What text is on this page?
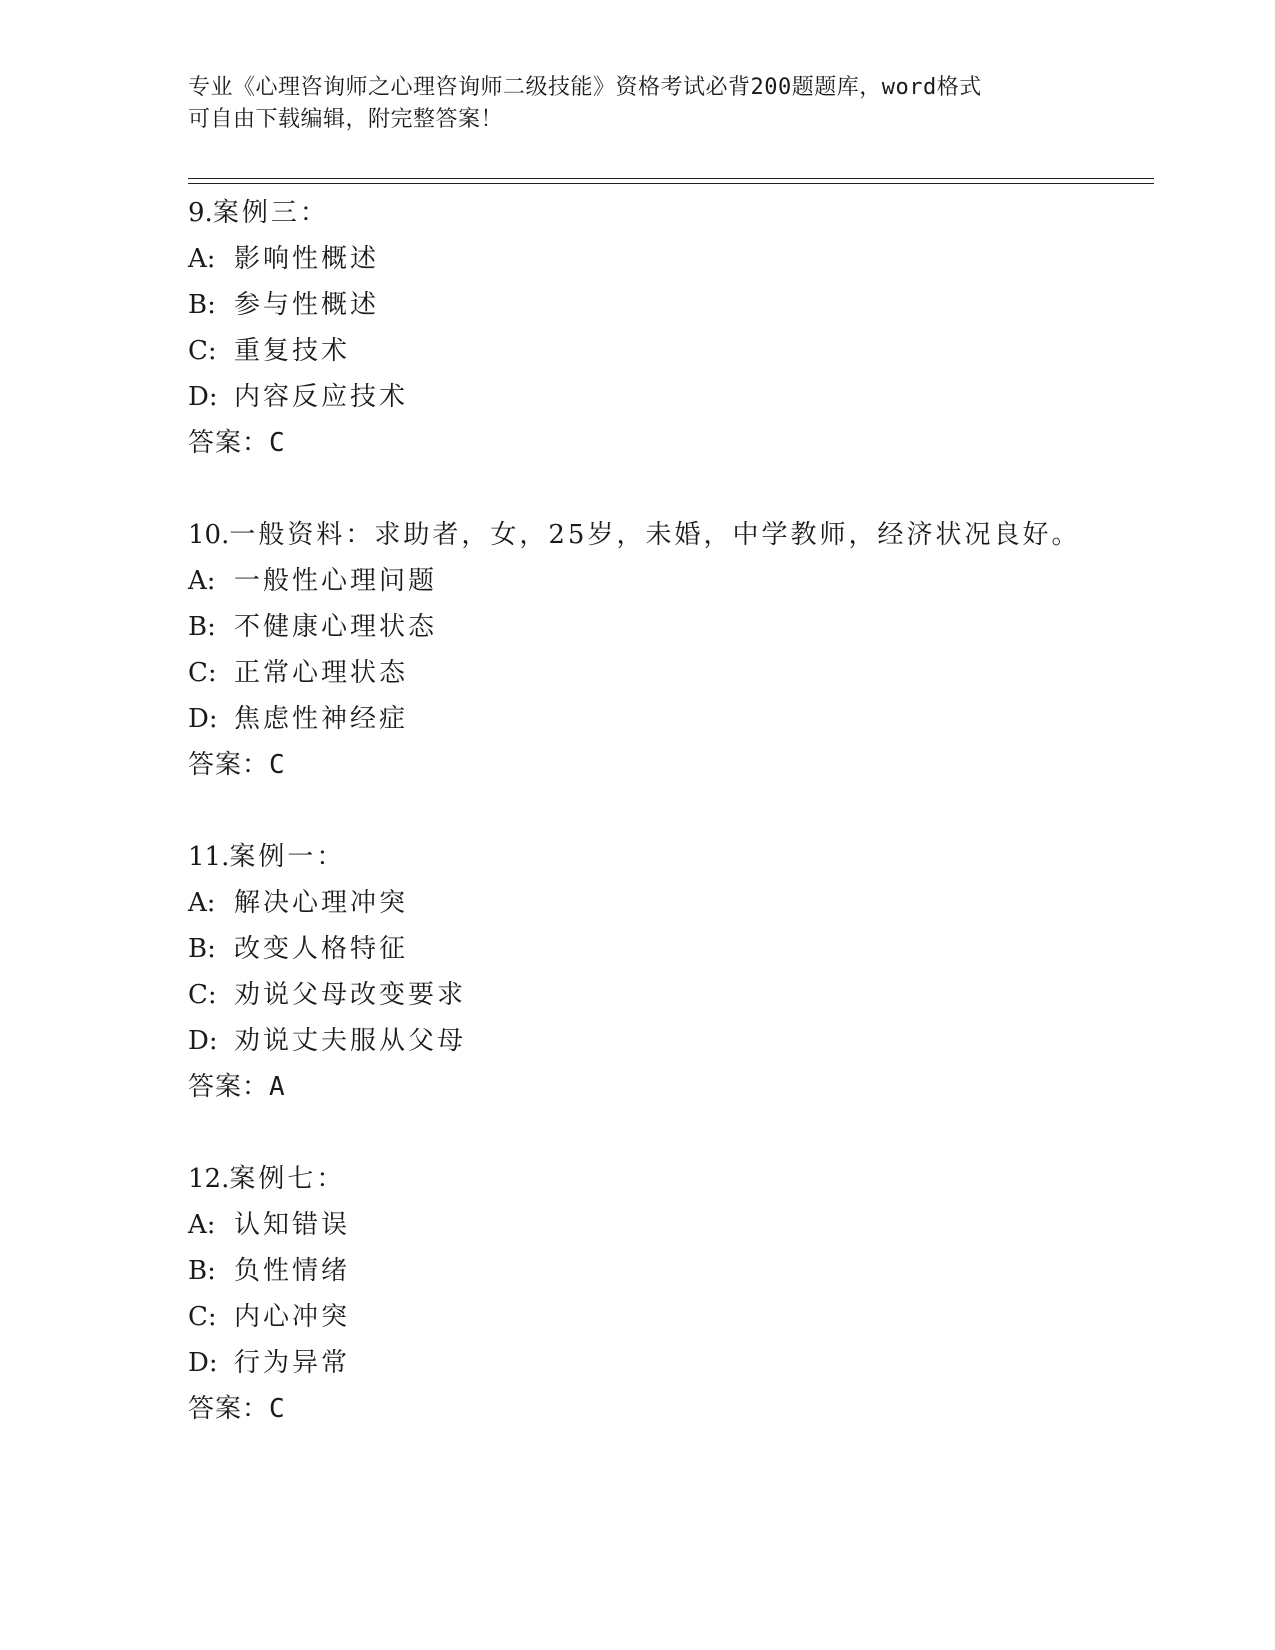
专业《心理咨询师之心理咨询师二级技能》资格考试必背200题题库，word格式
可自由下载编辑，附完整答案！
9.案例三：
A: 影响性概述
B: 参与性概述
C: 重复技术
D: 内容反应技术
答案：C
10.一般资料：求助者，女，25岁，未婚，中学教师，经济状况良好。
A: 一般性心理问题
B: 不健康心理状态
C: 正常心理状态
D: 焦虑性神经症
答案：C
11.案例一：
A: 解决心理冲突
B: 改变人格特征
C: 劝说父母改变要求
D: 劝说丈夫服从父母
答案：A
12.案例七：
A: 认知错误
B: 负性情绪
C: 内心冲突
D: 行为异常
答案：C
